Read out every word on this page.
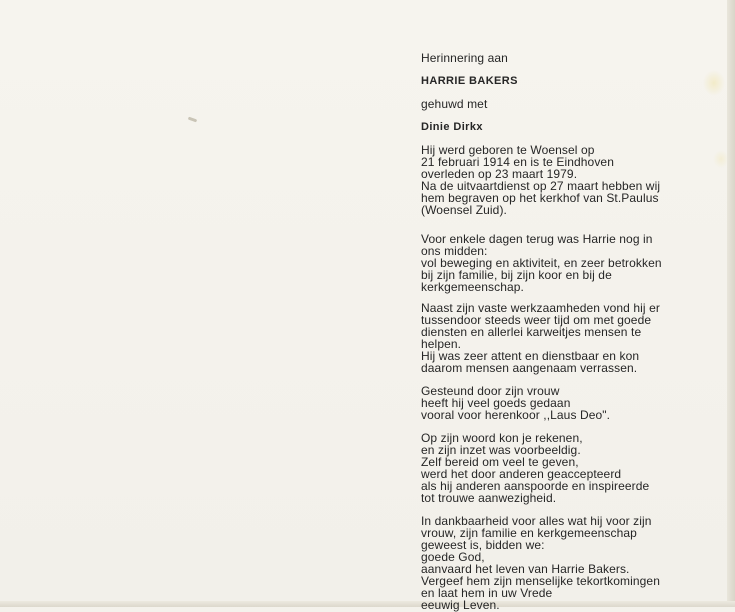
Herinnering aan
HARRIE BAKERS
gehuwd met
Dinie Dirkx
Hij werd geboren te Woensel op
21 februari 1914 en is te Eindhoven
overleden op 23 maart 1979.
Na de uitvaartdienst op 27 maart hebben wij
hem begraven op het kerkhof van St.Paulus
(Woensel Zuid).
Voor enkele dagen terug was Harrie nog in
ons midden:
vol beweging en aktiviteit, en zeer betrokken
bij zijn familie, bij zijn koor en bij de
kerkgemeenschap.
Naast zijn vaste werkzaamheden vond hij er
tussendoor steeds weer tijd om met goede
diensten en allerlei karweitjes mensen te
helpen.
Hij was zeer attent en dienstbaar en kon
daarom mensen aangenaam verrassen.
Gesteund door zijn vrouw
heeft hij veel goeds gedaan
vooral voor herenkoor ,,Laus Deo".
Op zijn woord kon je rekenen,
en zijn inzet was voorbeeldig.
Zelf bereid om veel te geven,
werd het door anderen geaccepteerd
als hij anderen aanspoorde en inspireerde
tot trouwe aanwezigheid.
In dankbaarheid voor alles wat hij voor zijn
vrouw, zijn familie en kerkgemeenschap
geweest is, bidden we:
goede God,
aanvaard het leven van Harrie Bakers.
Vergeef hem zijn menselijke tekortkomingen
en laat hem in uw Vrede
eeuwig Leven.
